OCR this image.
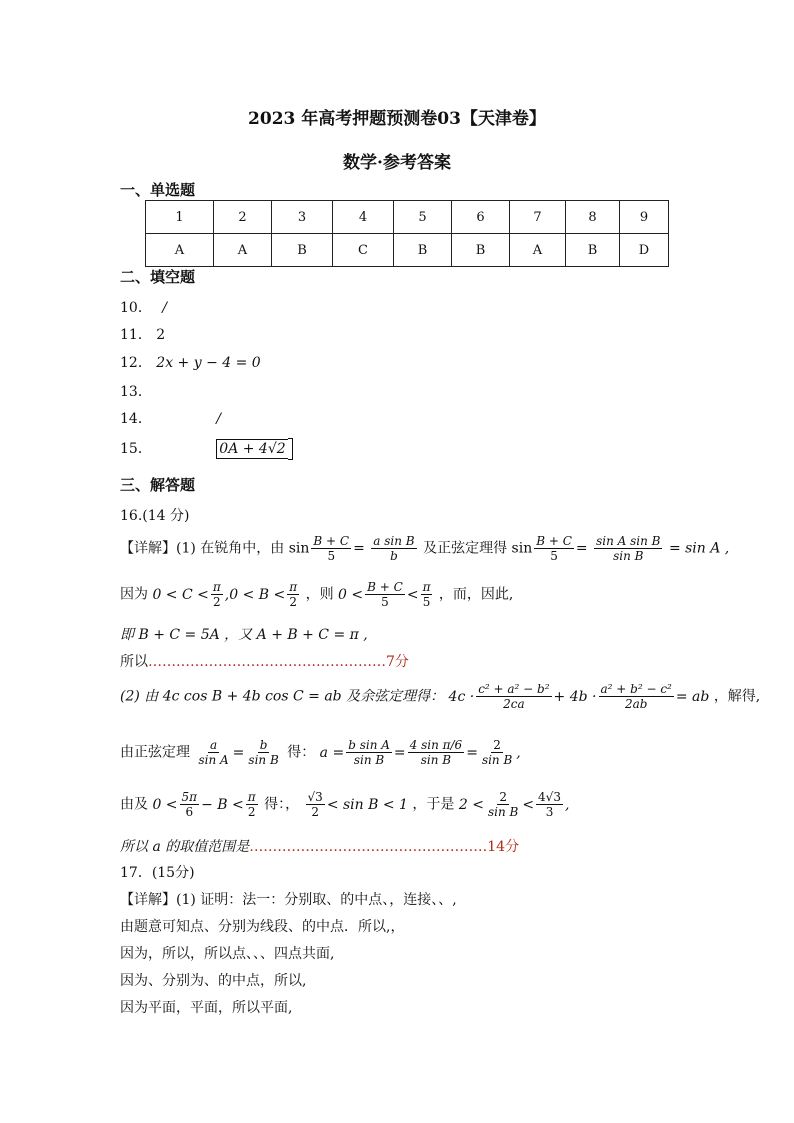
2023 年高考押题预测卷03【天津卷】
数学·参考答案
一、单选题
1	2	3	4	5	6	7	8	9
A	A	B	C	B	B	A	B	D
二、填空题
10． /
11． 2
12． 2x + y − 4 = 0
13．
14．	/
15．	0A + 4√2
三、解答题
16.(14 分)
【详解】(1) 在锐角中，由 $\sin \frac{B + C}{5} = \frac{\text{a sin B}}{b}$ 及正弦定理得 $\sin \frac{B + C}{5} = \frac{\text{sin A sin B}}{\text{sin B}} = \sin A$ ,
因为 $0 < C < \frac{\pi}{2} ,0 < B < \frac{\pi}{2}$ ，则 $0 < \frac{B + C}{5} < \frac{\pi}{5}$ ，而，因此,
即 B + C = 5A ，又 A + B + C = π ,
所以……………………………………………7分
(2) 由 4c cos B + 4b cos C = ab 及余弦定理得： $4c \cdot \frac{\text{c² + a² − b²}}{2ca} + 4b \cdot \frac{\text{a² + b² − c²}}{2ab}$ = ab ，解得,
由正弦定理 $\frac{a}{\text{sin A}} = \frac{b}{\text{sin B}}$ 得： $a = \frac{\text{b sin A}}{\text{sin B}} = \frac{\text{4 sin π/6}}{\text{sin B}} = \frac{2}{\text{sin B}}$ ,
由及 $0 < \frac{5\pi}{6} - B < \frac{\pi}{2}$ 得：， $\frac{√3}{2} < \sin B < 1$ ，于是 $2 < \frac{2}{\text{sin B}} < \frac{4√3}{3}$ ,
所以 a 的取值范围是……………………………………………14分
17．(15分)
【详解】(1) 证明：法一：分别取、的中点、，连接、、,
由题意可知点、分别为线段、的中点．所以,，
因为，所以，所以点、、、四点共面,
因为、分别为、的中点，所以,
因为平面，平面，所以平面,
